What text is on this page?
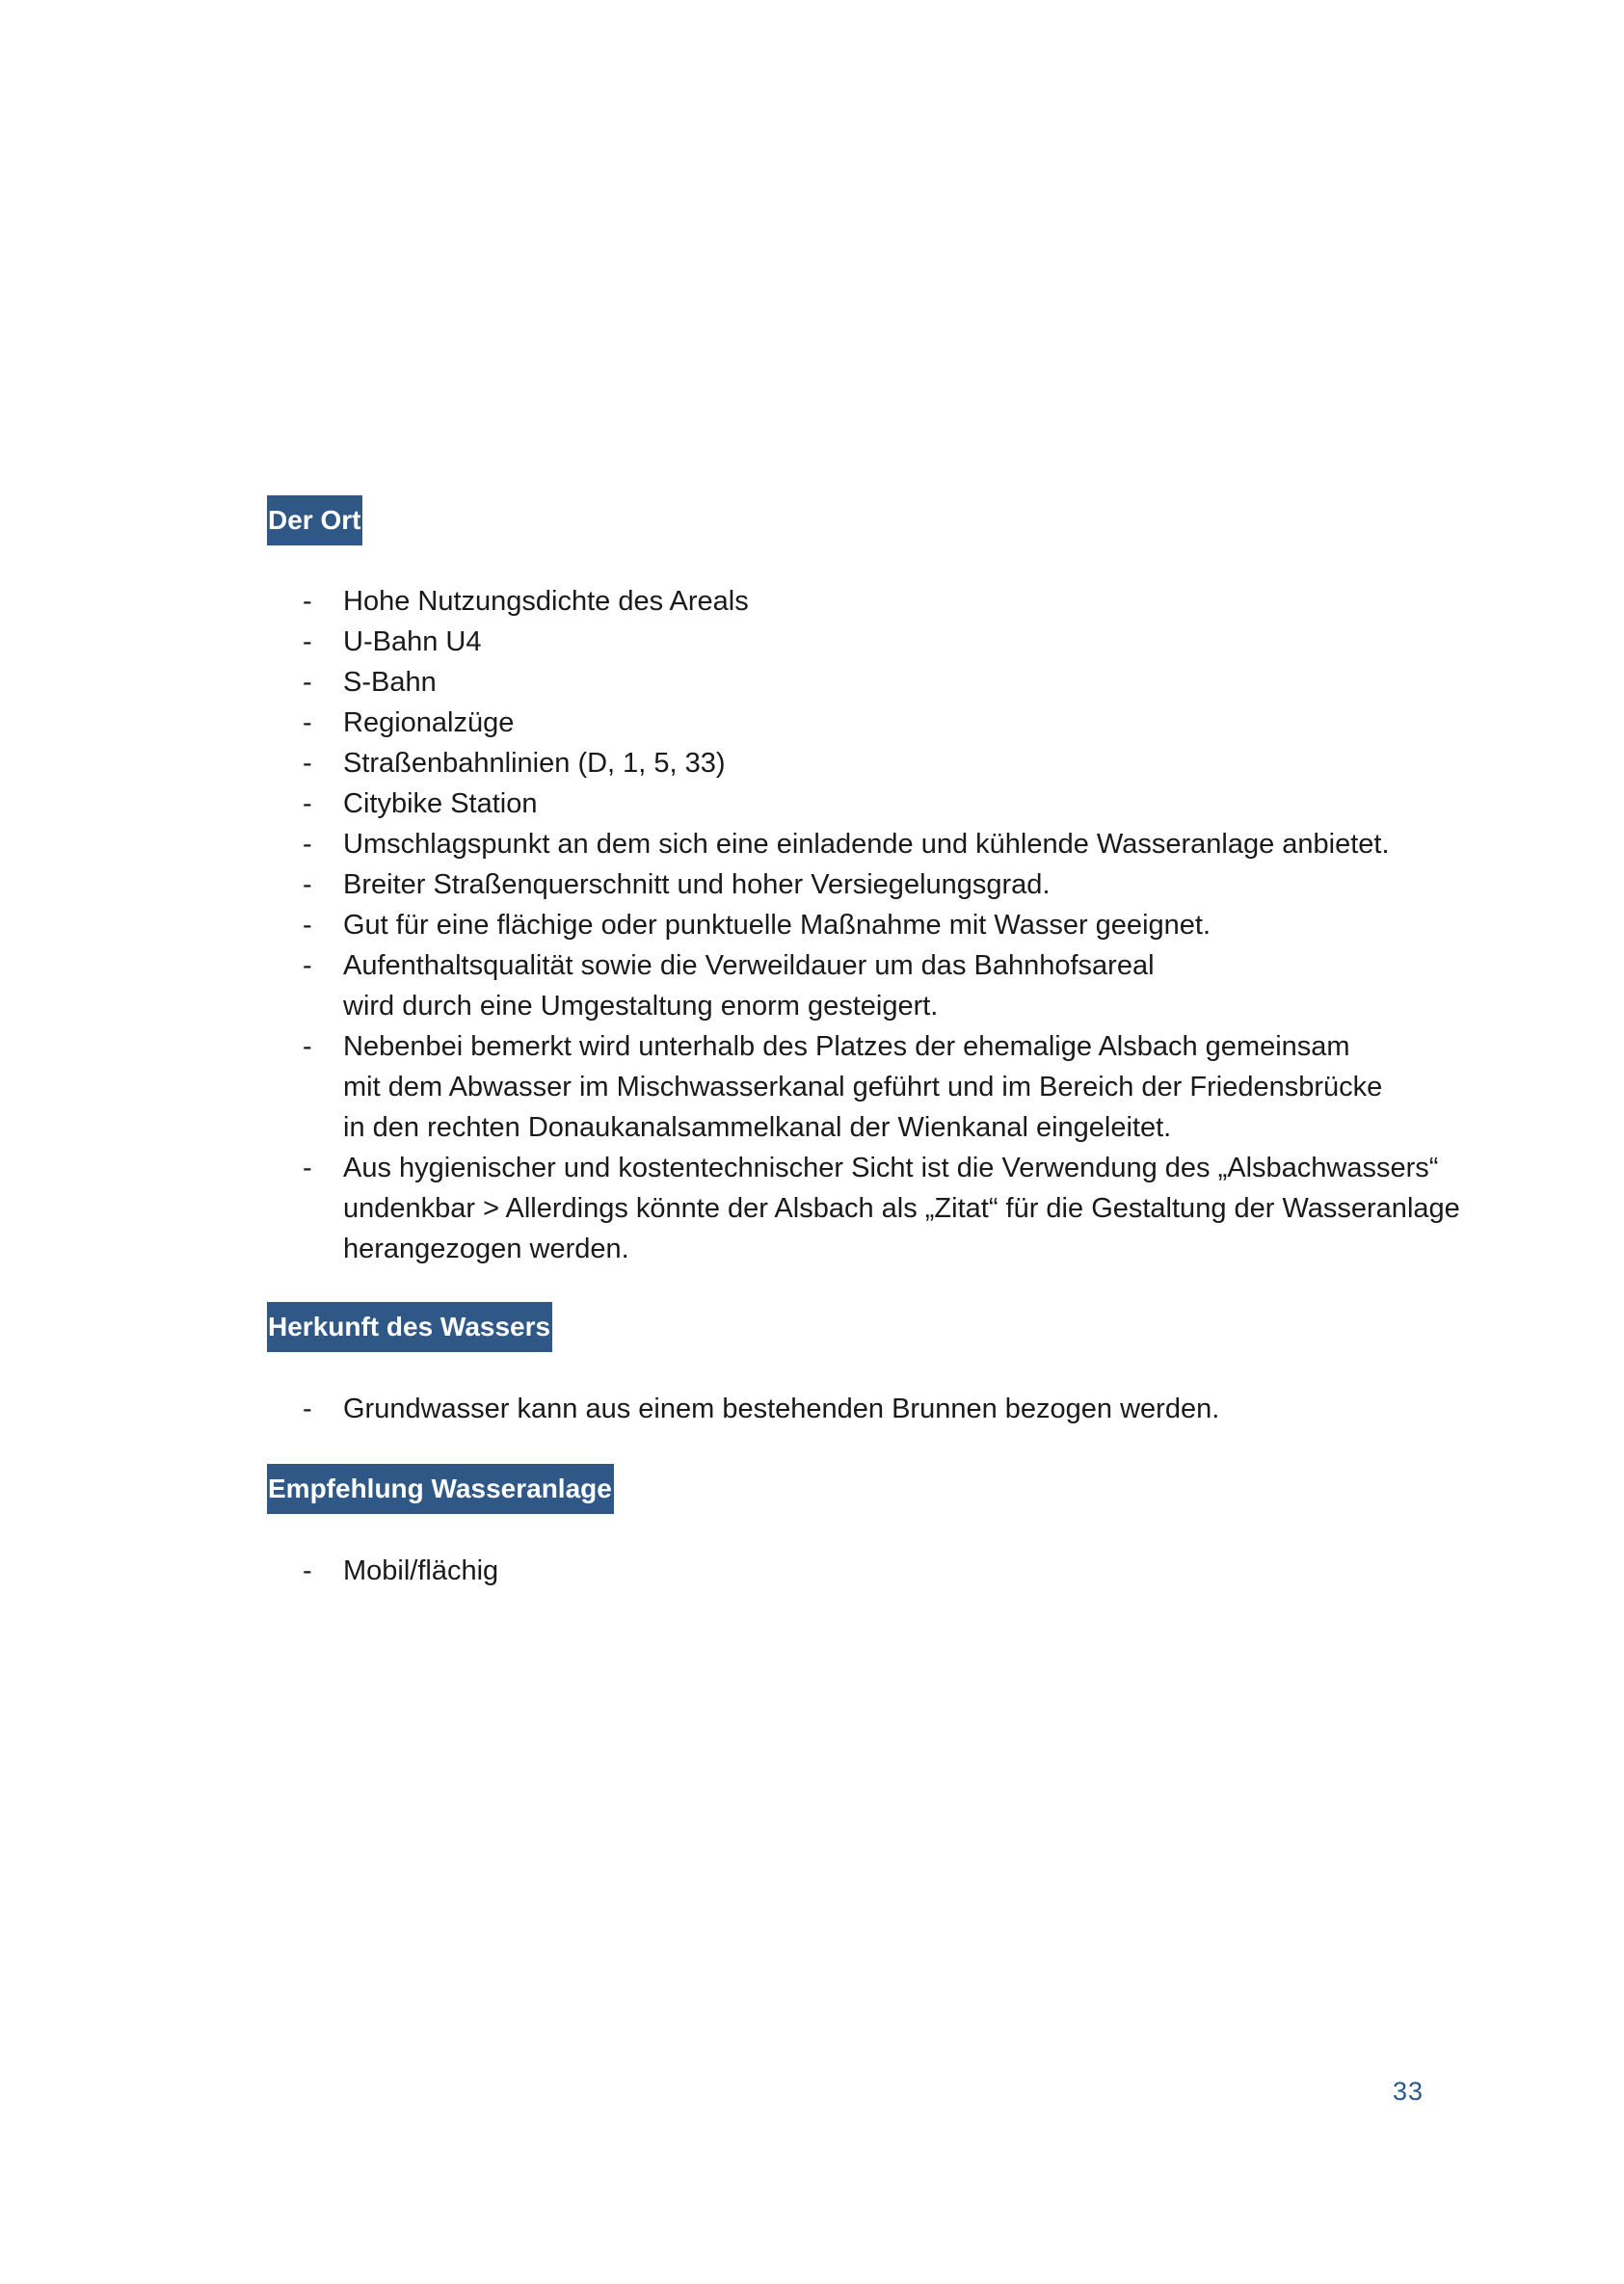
Der Ort
- Hohe Nutzungsdichte des Areals
- U-Bahn U4
- S-Bahn
- Regionalzüge
- Straßenbahnlinien (D, 1, 5, 33)
- Citybike Station
- Umschlagspunkt an dem sich eine einladende und kühlende Wasseranlage anbietet.
- Breiter Straßenquerschnitt und hoher Versiegelungsgrad.
- Gut für eine flächige oder punktuelle Maßnahme mit Wasser geeignet.
- Aufenthaltsqualität sowie die Verweildauer um das Bahnhofsareal
wird durch eine Umgestaltung enorm gesteigert.
- Nebenbei bemerkt wird unterhalb des Platzes der ehemalige Alsbach gemeinsam
mit dem Abwasser im Mischwasserkanal geführt und im Bereich der Friedensbrücke
in den rechten Donaukanalsammelkanal der Wienkanal eingeleitet.
- Aus hygienischer und kostentechnischer Sicht ist die Verwendung des „Alsbachwassers“
undenkbar > Allerdings könnte der Alsbach als „Zitat“ für die Gestaltung der Wasseranlage
herangezogen werden.
Herkunft des Wassers
- Grundwasser kann aus einem bestehenden Brunnen bezogen werden.
Empfehlung Wasseranlage
- Mobil/flächig
33
